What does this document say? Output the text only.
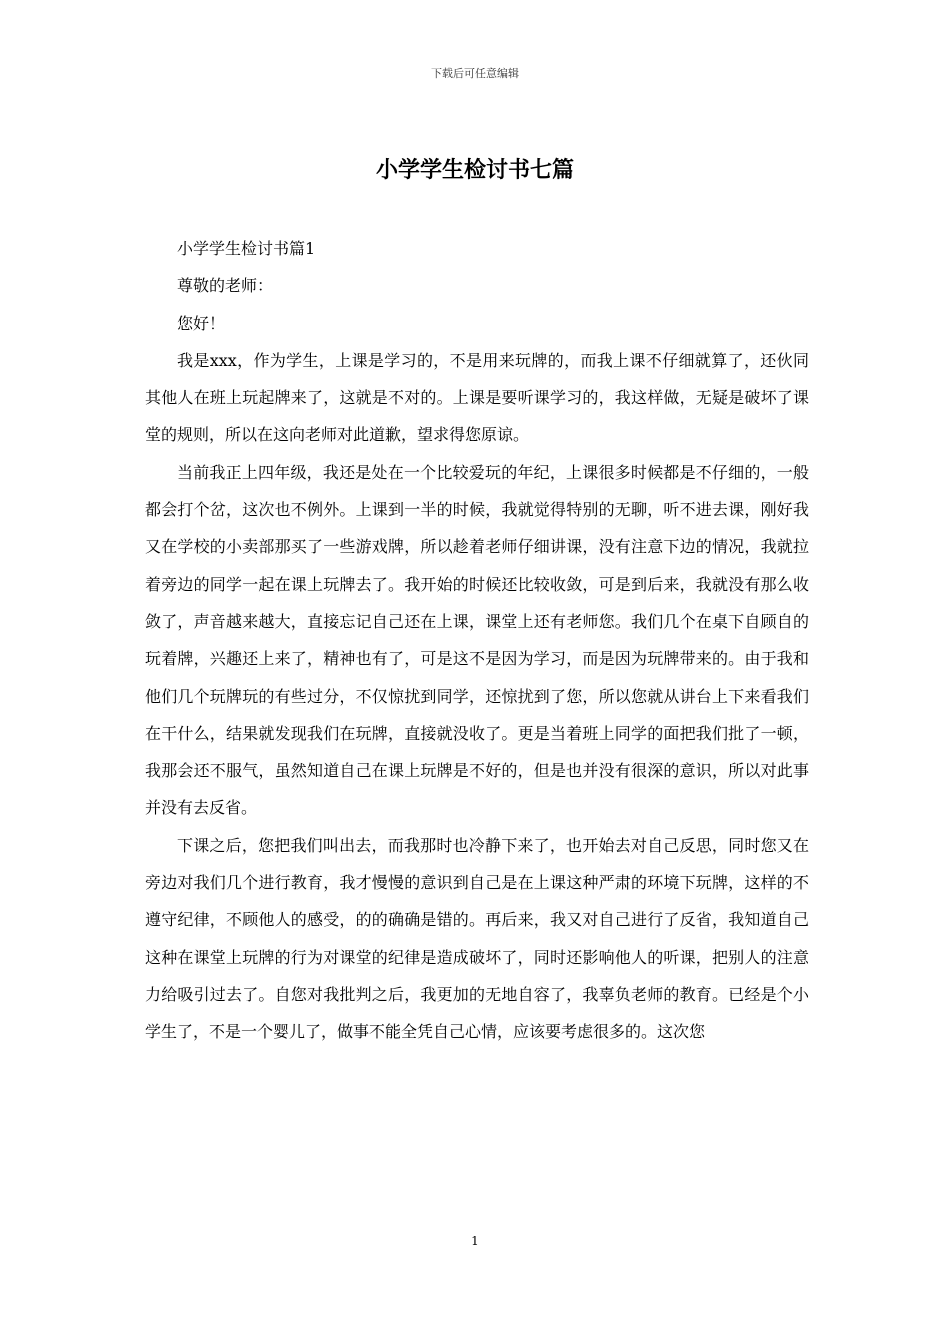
下载后可任意编辑
小学学生检讨书七篇

小学学生检讨书篇1

尊敬的老师：

您好！

我是xxx，作为学生，上课是学习的，不是用来玩牌的，而我上课不仔细就算了，还伙同其他人在班上玩起牌来了，这就是不对的。上课是要听课学习的，我这样做，无疑是破坏了课堂的规则，所以在这向老师对此道歉，望求得您原谅。

当前我正上四年级，我还是处在一个比较爱玩的年纪，上课很多时候都是不仔细的，一般都会打个岔，这次也不例外。上课到一半的时候，我就觉得特别的无聊，听不进去课，刚好我又在学校的小卖部那买了一些游戏牌，所以趁着老师仔细讲课，没有注意下边的情况，我就拉着旁边的同学一起在课上玩牌去了。我开始的时候还比较收敛，可是到后来，我就没有那么收敛了，声音越来越大，直接忘记自己还在上课，课堂上还有老师您。我们几个在桌下自顾自的玩着牌，兴趣还上来了，精神也有了，可是这不是因为学习，而是因为玩牌带来的。由于我和他们几个玩牌玩的有些过分，不仅惊扰到同学，还惊扰到了您，所以您就从讲台上下来看我们在干什么，结果就发现我们在玩牌，直接就没收了。更是当着班上同学的面把我们批了一顿，我那会还不服气，虽然知道自己在课上玩牌是不好的，但是也并没有很深的意识，所以对此事并没有去反省。

下课之后，您把我们叫出去，而我那时也冷静下来了，也开始去对自己反思，同时您又在旁边对我们几个进行教育，我才慢慢的意识到自己是在上课这种严肃的环境下玩牌，这样的不遵守纪律，不顾他人的感受，的的确确是错的。再后来，我又对自己进行了反省，我知道自己这种在课堂上玩牌的行为对课堂的纪律是造成破坏了，同时还影响他人的听课，把别人的注意力给吸引过去了。自您对我批判之后，我更加的无地自容了，我辜负老师的教育。已经是个小学生了，不是一个婴儿了，做事不能全凭自己心情，应该要考虑很多的。这次您

1
